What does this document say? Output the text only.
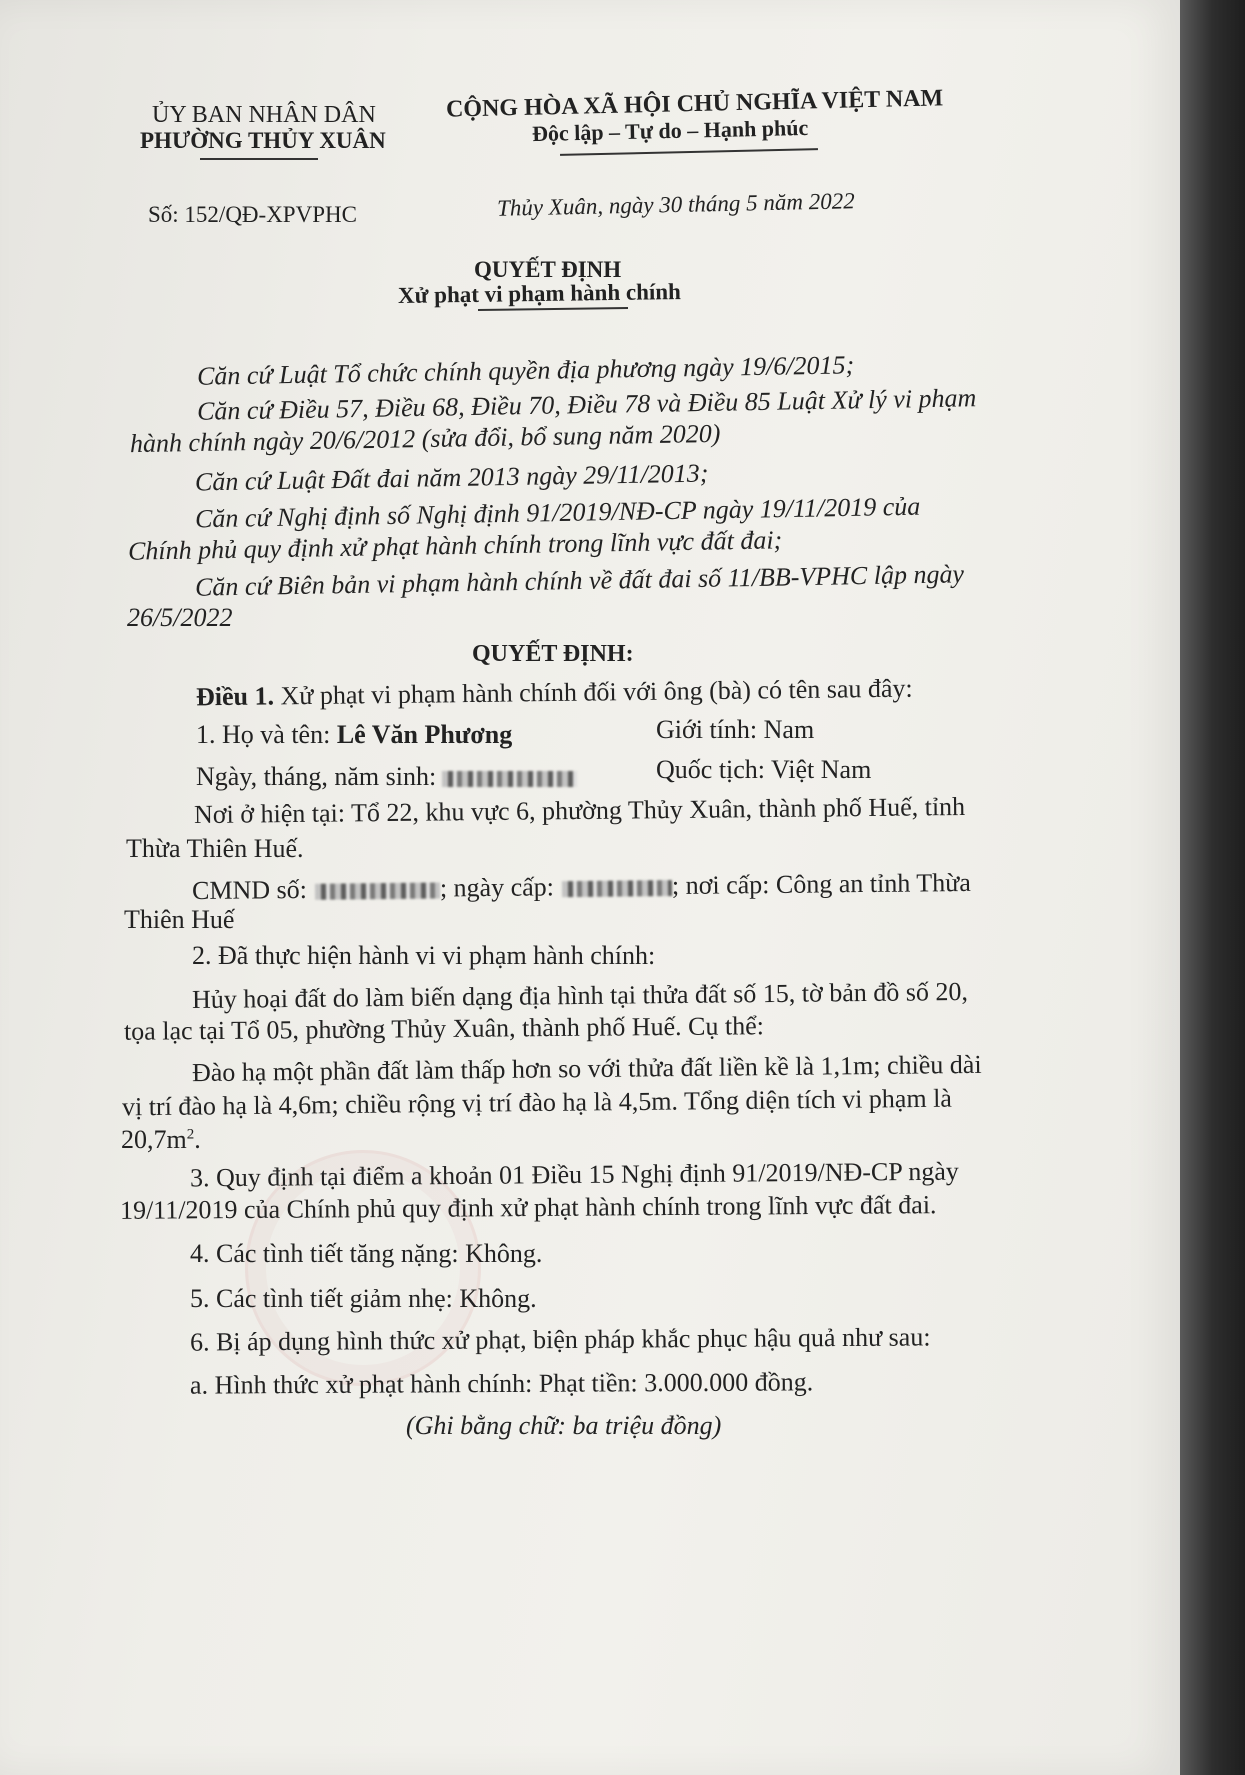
ỦY BAN NHÂN DÂN
PHƯỜNG THỦY XUÂN
CỘNG HÒA XÃ HỘI CHỦ NGHĨA VIỆT NAM
Độc lập – Tự do – Hạnh phúc
Số: 152/QĐ-XPVPHC	Thủy Xuân, ngày 30 tháng 5 năm 2022
QUYẾT ĐỊNH
Xử phạt vi phạm hành chính
Căn cứ Luật Tổ chức chính quyền địa phương ngày 19/6/2015;
Căn cứ Điều 57, Điều 68, Điều 70, Điều 78 và Điều 85 Luật Xử lý vi phạm
hành chính ngày 20/6/2012 (sửa đổi, bổ sung năm 2020)
Căn cứ Luật Đất đai năm 2013 ngày 29/11/2013;
Căn cứ Nghị định số Nghị định 91/2019/NĐ-CP ngày 19/11/2019 của
Chính phủ quy định xử phạt hành chính trong lĩnh vực đất đai;
Căn cứ Biên bản vi phạm hành chính về đất đai số 11/BB-VPHC lập ngày
26/5/2022
QUYẾT ĐỊNH:
Điều 1. Xử phạt vi phạm hành chính đối với ông (bà) có tên sau đây:
1. Họ và tên: Lê Văn Phương	Giới tính: Nam
Ngày, tháng, năm sinh:	Quốc tịch: Việt Nam
Nơi ở hiện tại: Tổ 22, khu vực 6, phường Thủy Xuân, thành phố Huế, tỉnh
Thừa Thiên Huế.
CMND số:	; ngày cấp:	; nơi cấp: Công an tỉnh Thừa
Thiên Huế
2. Đã thực hiện hành vi vi phạm hành chính:
Hủy hoại đất do làm biến dạng địa hình tại thửa đất số 15, tờ bản đồ số 20,
tọa lạc tại Tổ 05, phường Thủy Xuân, thành phố Huế. Cụ thể:
Đào hạ một phần đất làm thấp hơn so với thửa đất liền kề là 1,1m; chiều dài
vị trí đào hạ là 4,6m; chiều rộng vị trí đào hạ là 4,5m. Tổng diện tích vi phạm là
$20,7m^2$.
3. Quy định tại điểm a khoản 01 Điều 15 Nghị định 91/2019/NĐ-CP ngày
19/11/2019 của Chính phủ quy định xử phạt hành chính trong lĩnh vực đất đai.
4. Các tình tiết tăng nặng: Không.
5. Các tình tiết giảm nhẹ: Không.
6. Bị áp dụng hình thức xử phạt, biện pháp khắc phục hậu quả như sau:
a. Hình thức xử phạt hành chính: Phạt tiền: 3.000.000 đồng.
(Ghi bằng chữ: ba triệu đồng)
